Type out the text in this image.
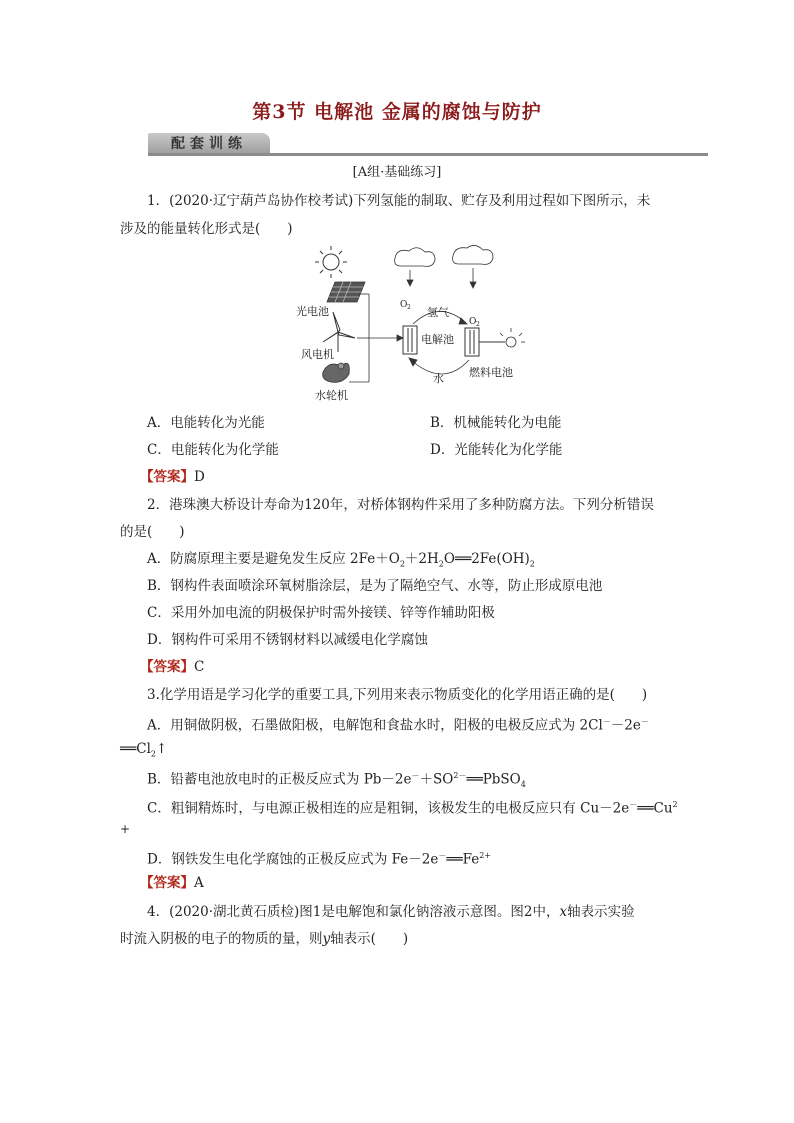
第3节 电解池 金属的腐蚀与防护
配套训练
[A组·基础练习]
1．(2020·辽宁葫芦岛协作校考试)下列氢能的制取、贮存及利用过程如下图所示，未
涉及的能量转化形式是(　　)
光电池
风电机
水轮机
O 2
O 2
电解池
氢气
水 燃料电池
A．电能转化为光能	B．机械能转化为电能
C．电能转化为化学能	D．光能转化为化学能
【答案】D
2．港珠澳大桥设计寿命为120年，对桥体钢构件采用了多种防腐方法。下列分析错误
的是(　　)
A．防腐原理主要是避免发生反应 $2Fe+O_2+2H_2O══2Fe(OH)_2$
B．钢构件表面喷涂环氧树脂涂层，是为了隔绝空气、水等，防止形成原电池
C．采用外加电流的阴极保护时需外接镁、锌等作辅助阳极
D．钢构件可采用不锈钢材料以减缓电化学腐蚀
【答案】C
3.化学用语是学习化学的重要工具,下列用来表示物质变化的化学用语正确的是(　　)
A．用铜做阴极，石墨做阳极，电解饱和食盐水时，阳极的电极反应式为 2Cl－－2e－
$══Cl_2↑$
B．铅蓄电池放电时的正极反应式为 $Pb-2e^-+SO^{2-}══PbSO_4$
C．粗铜精炼时，与电源正极相连的应是粗铜，该极发生的电极反应只有 $Cu-2e^-══Cu^2$
+
D．钢铁发生电化学腐蚀的正极反应式为 $Fe-2e^-══Fe^{2+}$
【答案】A
4．(2020·湖北黄石质检)图1是电解饱和氯化钠溶液示意图。图2中，x轴表示实验
时流入阴极的电子的物质的量，则y轴表示(　　)
